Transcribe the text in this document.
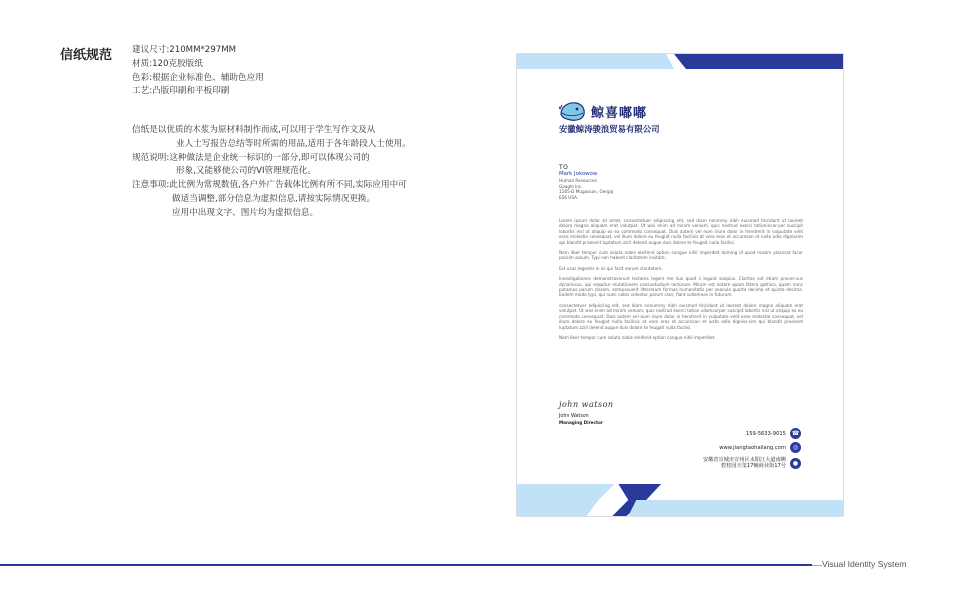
信纸规范 建议尺寸:210MM*297MM
材质:120克胶版纸
色彩:根据企业标准色、辅助色应用
工艺:凸版印刷和平板印刷
信纸是以优质的木浆为原材料制作而成,可以用于学生写作文及从
业人士写报告总结等时所需的用品,适用于各年龄段人士使用。
规范说明: 这种做法是企业统一标识的一部分,即可以体现公司的
形象,又能够使公司的VI管理规范化。
注意事项: 此比例为常规数值,各户外广告载体比例有所不同,实际应用中可
做适当调整,部分信息为虚拟信息,请按实际情况更换。
应用中出现文字、图片均为虚拟信息。
鲸喜嘟嘟
安徽鲸涛骏浪贸易有限公司
TO
Mark Jokowow
Human Resources
Google Inc.
1165-D Mugassan, Gergaj
E56 USA

Lorem ipsum dolor sit amet, consectetuer adipiscing elit, sed diam nonmmy nibh euismod tincidunt ut laoreet dolore magna aliquam erat volutpat. Ut wisi enim ad minim veniam, quis nostrud exerci tationincor-per suscipit lobortis nisl ut aliquip ex ea commodo consequat. Duis autem vel eum iriure dolor in hendrerit in vulputate velit esse molestie consequat, vel illum dolore eu feugiat nulla facilisis at vero eros et accumsan et iusto odio dignissim qui blandit praesent luptatum zzril delenit augue duis dolore te feugait nulla facilisi.

Nam liber tempor cum soluta nobis eleifend option congue nihil imperdiet doming id quod mazim placerat facer possim assum. Typi non habent claritatem insitam;

Est usus legentis in iis qui facit eorum claritatem.

Investigationes demonstraverunt lectores legere me lius quod ii legunt saepius. Claritas est etiam proces-sus dynamicus, qui sequitur mutationem consuetudium lectorum. Mirum est notare quam littera gothica, quam nunc putamus parum claram, anteposuerit litterarum formas humanitatis per seacula quarta decima et quinta decima. Eodem modo typi, qui nunc nobis videntur parum clari, fiant sollemnes in futurum.

consectetuer adipiscing elit, sed diam nonummy nibh euismod tincidunt ut laoreet dolore magna aliquam erat volutpat. Ut wisi enim ad minim veniam, quis nostrud exerci tation ullamcorper suscipit lobortis nisl ut aliquip ex ea commodo consequat. Duis autem vel eum iriure dolor in hendrerit in vulputate velit esse molestie consequat, vel illum dolore eu feugiat nulla facilisis at vero eros et accumsan et iusto odio digniss-sim qui blandit praesent luptatum zzril delenit augue duis dolore te feugait nulla facilisi.

Nam liber tempor cum soluta nobis eleifend option congue nihil imperdiet.

john watson
John Watson
Managing Director
159-5633-9015 ☎
www.jiangtaohailang.com	◎
安徽省宣城市宣州区水阳江大道南侧
碧桂园天玺17幢商业街17号	●
Visual Identity System
